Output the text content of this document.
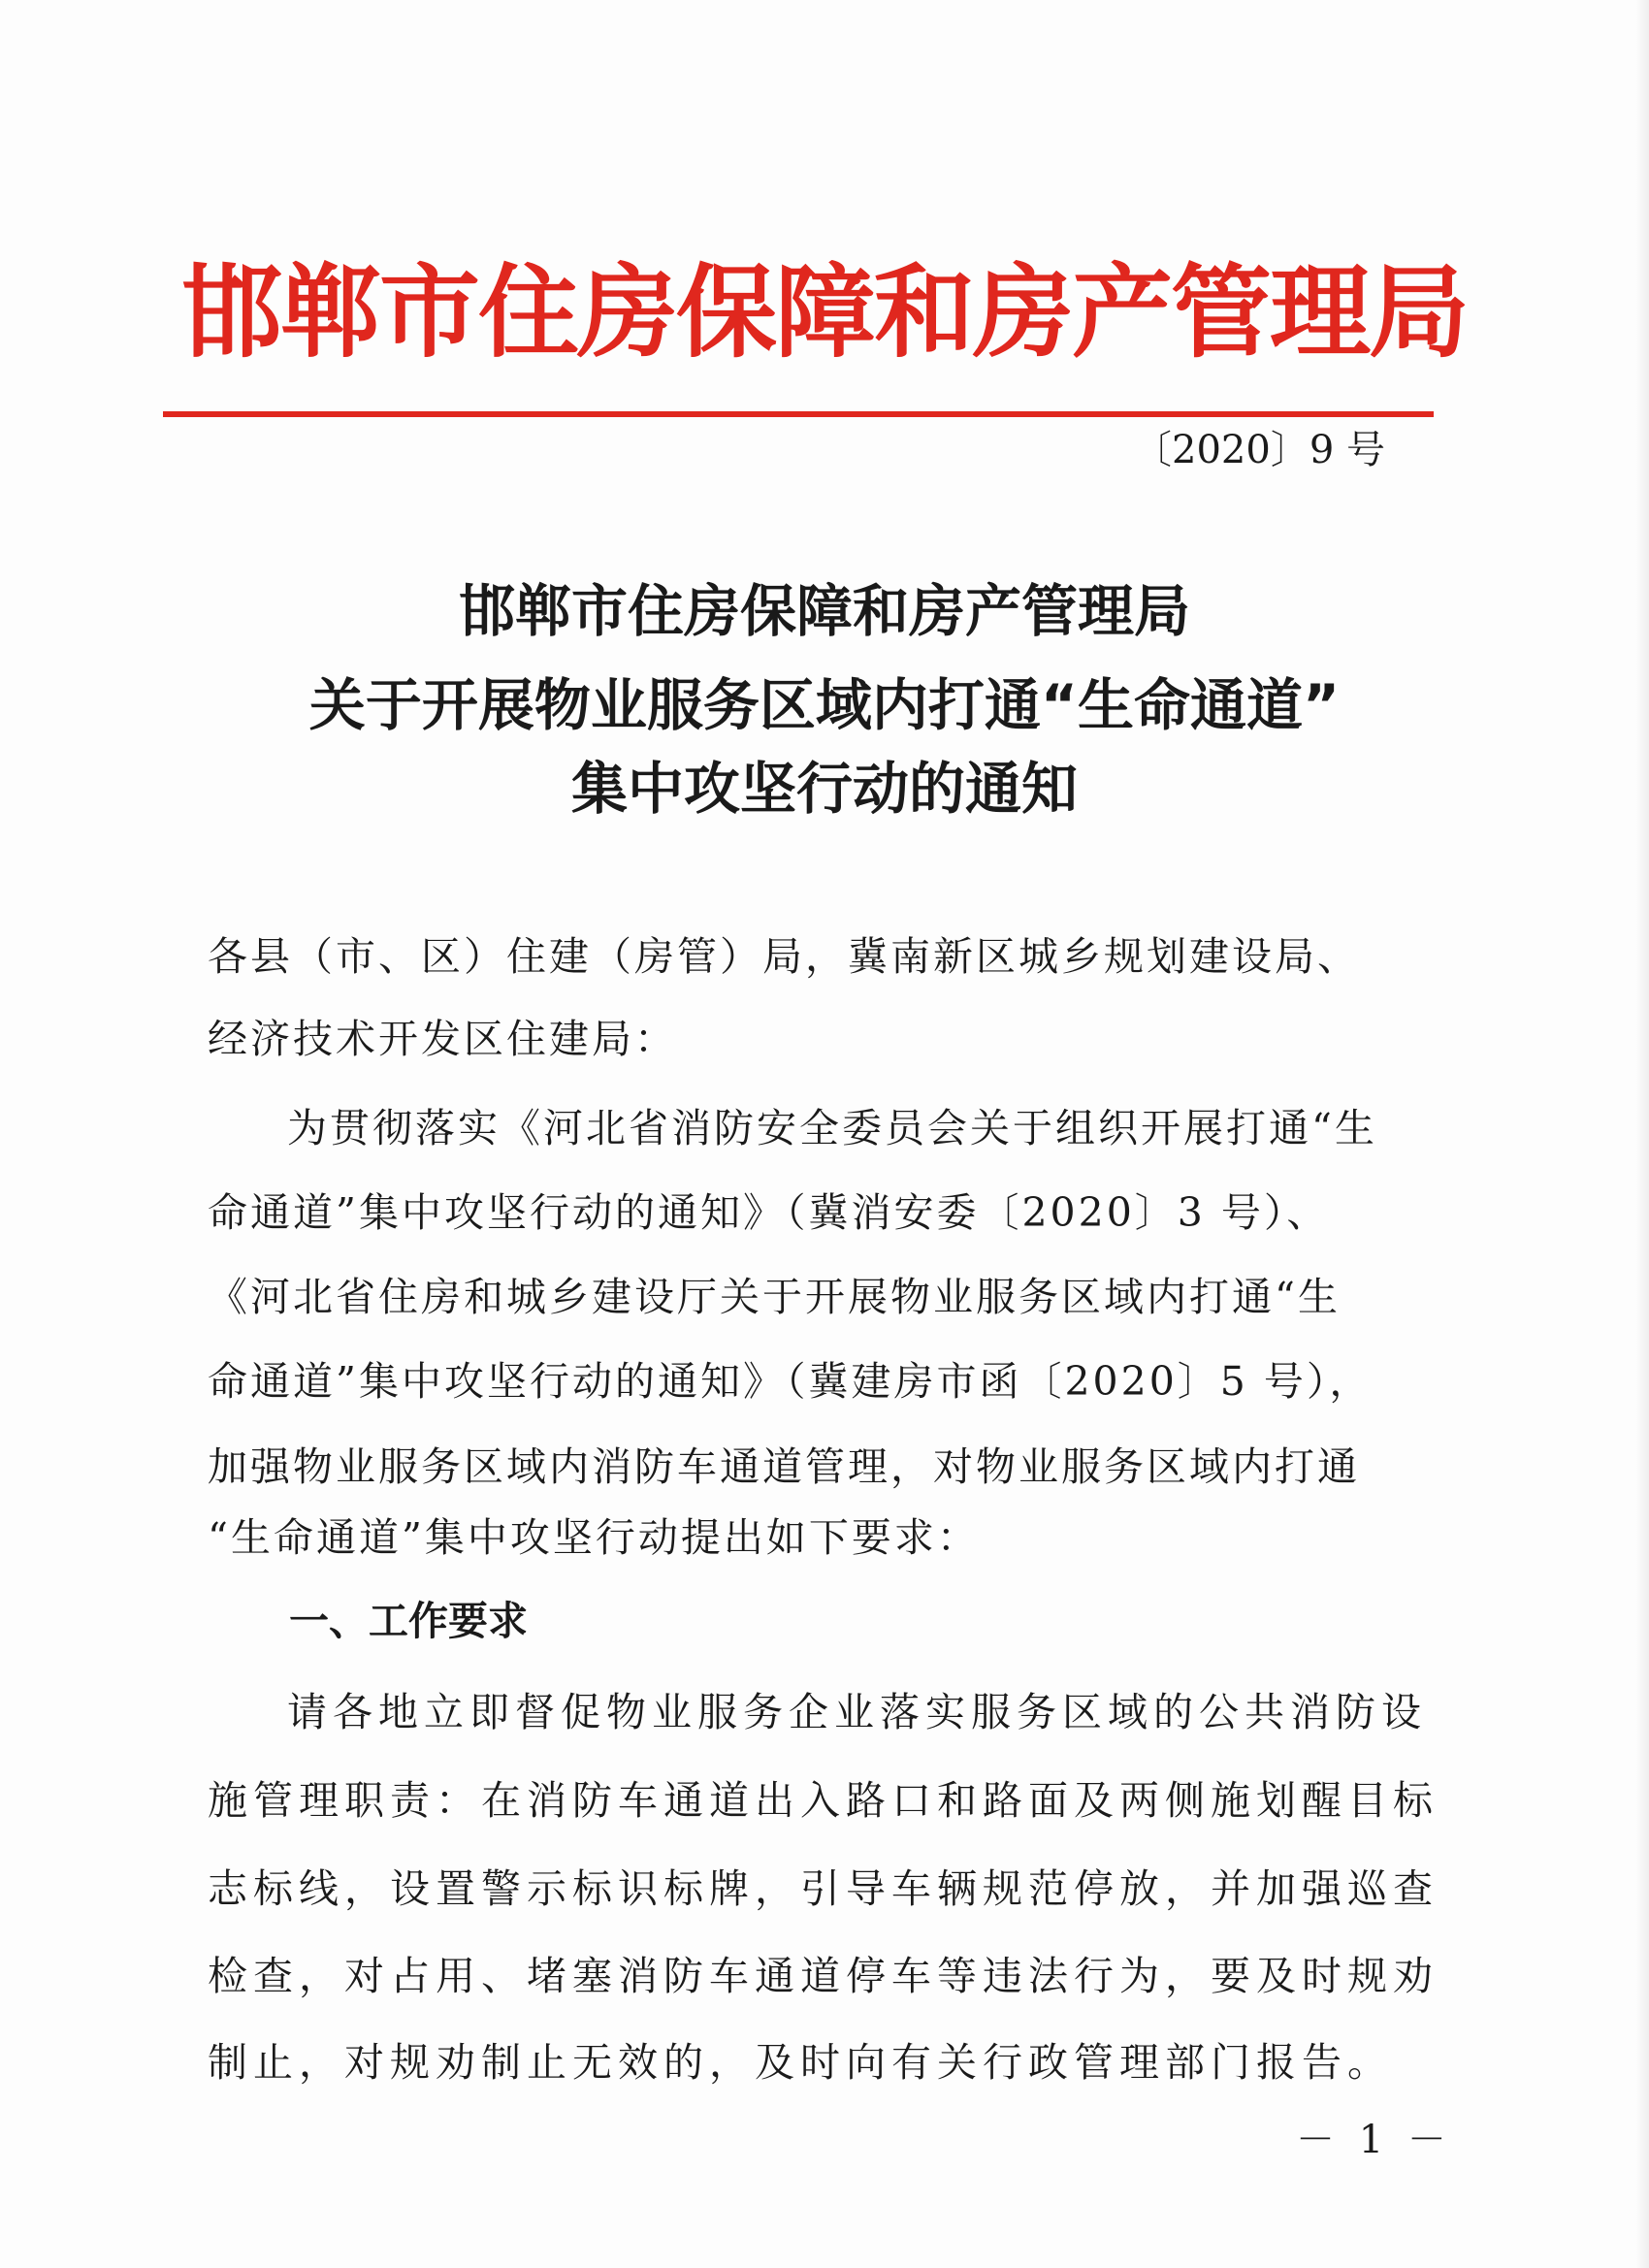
邯郸市住房保障和房产管理局
〔2020〕9 号
邯郸市住房保障和房产管理局
关于开展物业服务区域内打通“生命通道”
集中攻坚行动的通知
各县（市、区）住建（房管）局，冀南新区城乡规划建设局、
经济技术开发区住建局：
为贯彻落实《河北省消防安全委员会关于组织开展打通“生
命通道”集中攻坚行动的通知》（冀消安委〔2020〕3 号）、
《河北省住房和城乡建设厅关于开展物业服务区域内打通“生
命通道”集中攻坚行动的通知》（冀建房市函〔2020〕5 号），
加强物业服务区域内消防车通道管理，对物业服务区域内打通
“生命通道”集中攻坚行动提出如下要求：
一、工作要求
请各地立即督促物业服务企业落实服务区域的公共消防设
施管理职责：在消防车通道出入路口和路面及两侧施划醒目标
志标线，设置警示标识标牌，引导车辆规范停放，并加强巡查
检查，对占用、堵塞消防车通道停车等违法行为，要及时规劝
制止，对规劝制止无效的，及时向有关行政管理部门报告。
－ 1 －
